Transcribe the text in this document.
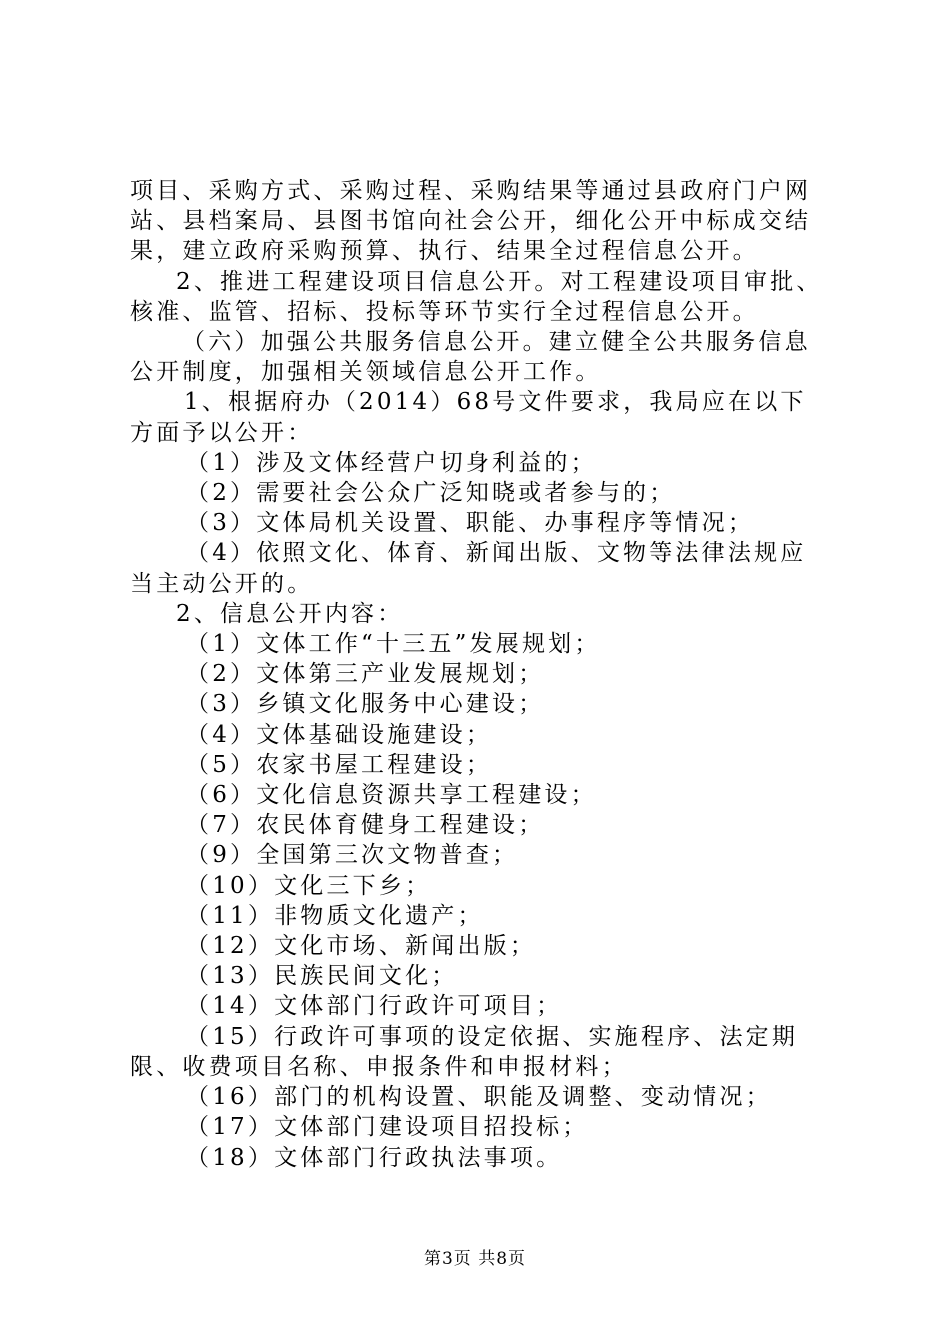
项目、采购方式、采购过程、采购结果等通过县政府门户网站、县档案局、县图书馆向社会公开，细化公开中标成交结果，建立政府采购预算、执行、结果全过程信息公开。

2、推进工程建设项目信息公开。对工程建设项目审批、核准、监管、招标、投标等环节实行全过程信息公开。

（六）加强公共服务信息公开。建立健全公共服务信息公开制度，加强相关领域信息公开工作。

1、根据府办（2014）68号文件要求，我局应在以下方面予以公开：

（1）涉及文体经营户切身利益的；

（2）需要社会公众广泛知晓或者参与的；

（3）文体局机关设置、职能、办事程序等情况；

（4）依照文化、体育、新闻出版、文物等法律法规应当主动公开的。

2、信息公开内容：

（1）文体工作“十三五”发展规划；

（2）文体第三产业发展规划；

（3）乡镇文化服务中心建设；

（4）文体基础设施建设；

（5）农家书屋工程建设；

（6）文化信息资源共享工程建设；

（7）农民体育健身工程建设；

（9）全国第三次文物普查；

（10）文化三下乡；

（11）非物质文化遗产；

（12）文化市场、新闻出版；

（13）民族民间文化；

（14）文体部门行政许可项目；

（15）行政许可事项的设定依据、实施程序、法定期限、收费项目名称、申报条件和申报材料；

（16）部门的机构设置、职能及调整、变动情况；

（17）文体部门建设项目招投标；

（18）文体部门行政执法事项。

第3页 共8页
